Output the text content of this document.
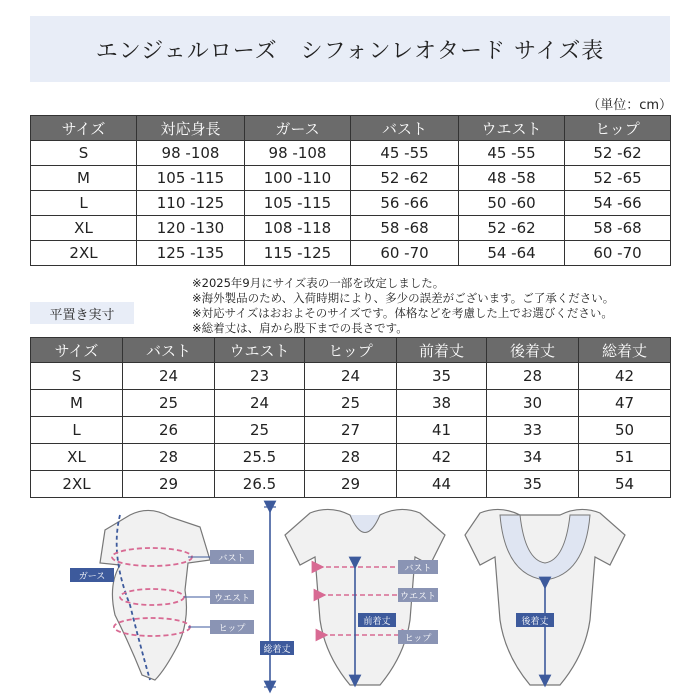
エンジェルローズ　シフォンレオタード サイズ表
（単位：cm）
サイズ	対応身長	ガース	バスト	ウエスト	ヒップ
S	98 -108	98 -108	45 -55	45 -55	52 -62
M	105 -115	100 -110	52 -62	48 -58	52 -65
L	110 -125	105 -115	56 -66	50 -60	54 -66
XL	120 -130	108 -118	58 -68	52 -62	58 -68
2XL	125 -135	115 -125	60 -70	54 -64	60 -70
※2025年9月にサイズ表の一部を改定しました。
※海外製品のため、入荷時期により、多少の誤差がございます。ご了承ください。
※対応サイズはおおよそのサイズです。体格などを考慮した上でお選びください。
※総着丈は、肩から股下までの長さです。
平置き実寸
サイズ	バスト	ウエスト	ヒップ	前着丈	後着丈	総着丈
S	24	23	24	35	28	42
M	25	24	25	38	30	47
L	26	25	27	41	33	50
XL	28	25.5	28	42	34	51
2XL	29	26.5	29	44	35	54
ガース
バスト
ウエスト
ヒップ
総着丈
前着丈
バスト
ウエスト
ヒップ
後着丈
